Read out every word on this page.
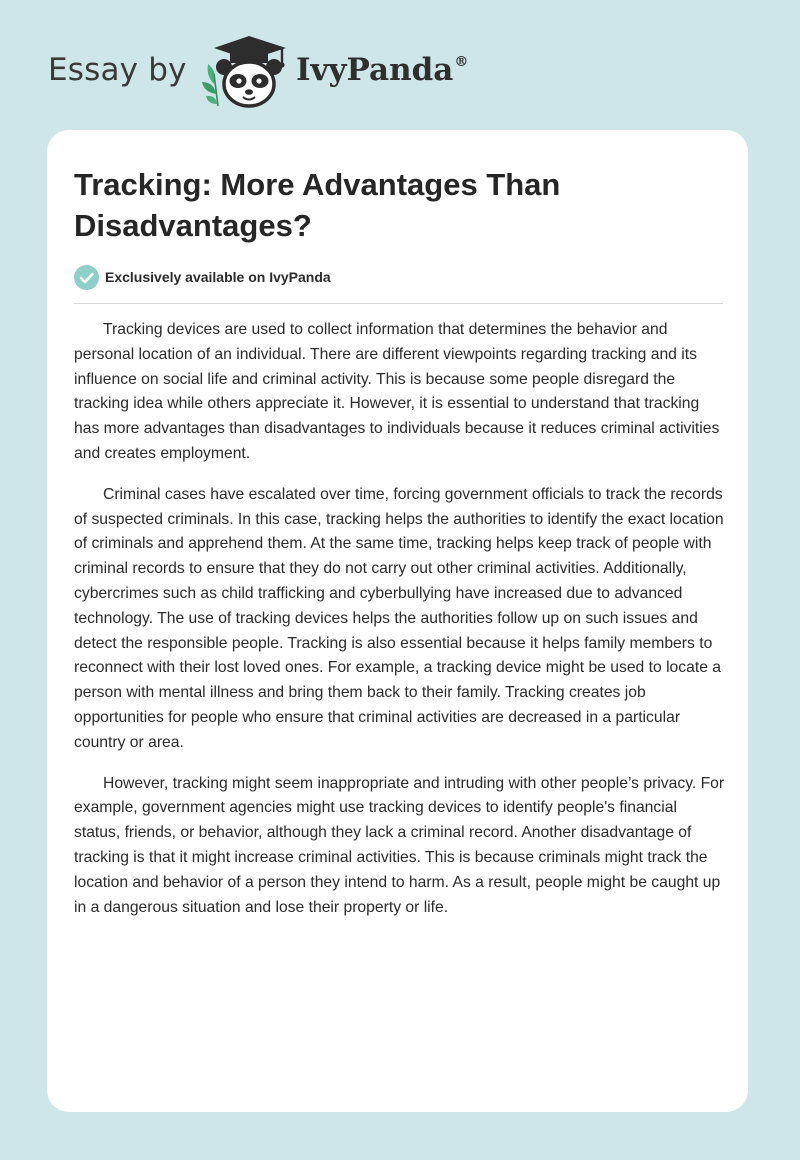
Essay by	IvyPanda®
Tracking: More Advantages Than Disadvantages?
Exclusively available on IvyPanda

Tracking devices are used to collect information that determines the behavior and personal location of an individual. There are different viewpoints regarding tracking and its influence on social life and criminal activity. This is because some people disregard the tracking idea while others appreciate it. However, it is essential to understand that tracking has more advantages than disadvantages to individuals because it reduces criminal activities and creates employment.

Criminal cases have escalated over time, forcing government officials to track the records of suspected criminals. In this case, tracking helps the authorities to identify the exact location of criminals and apprehend them. At the same time, tracking helps keep track of people with criminal records to ensure that they do not carry out other criminal activities. Additionally, cybercrimes such as child trafficking and cyberbullying have increased due to advanced technology. The use of tracking devices helps the authorities follow up on such issues and detect the responsible people. Tracking is also essential because it helps family members to reconnect with their lost loved ones. For example, a tracking device might be used to locate a person with mental illness and bring them back to their family. Tracking creates job opportunities for people who ensure that criminal activities are decreased in a particular country or area.

However, tracking might seem inappropriate and intruding with other people’s privacy. For example, government agencies might use tracking devices to identify people's financial status, friends, or behavior, although they lack a criminal record. Another disadvantage of tracking is that it might increase criminal activities. This is because criminals might track the location and behavior of a person they intend to harm. As a result, people might be caught up in a dangerous situation and lose their property or life.
